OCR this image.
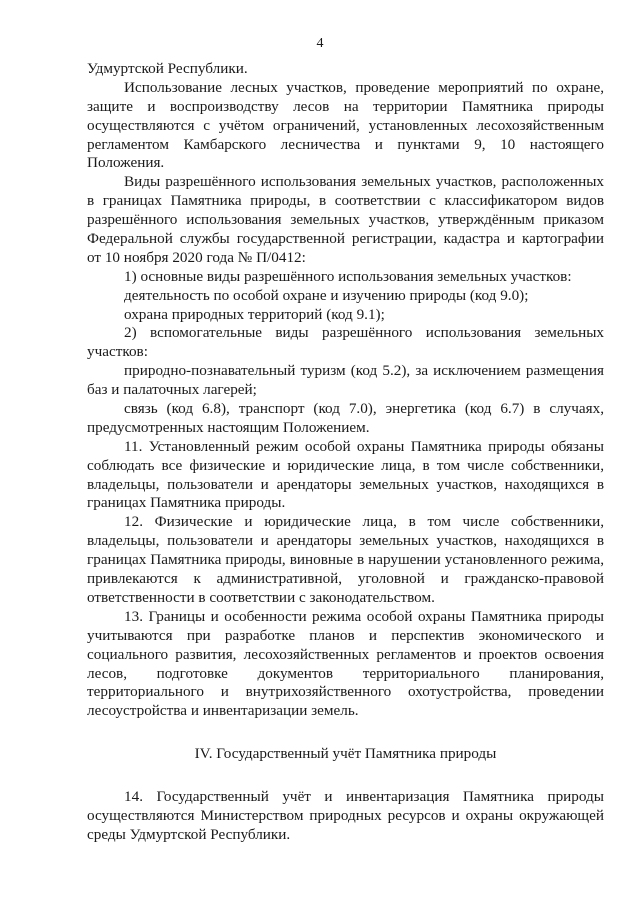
4
Удмуртской Республики.
Использование лесных участков, проведение мероприятий по охране,
защите и воспроизводству лесов на территории Памятника природы
осуществляются с учётом ограничений, установленных лесохозяйственным
регламентом Камбарского лесничества и пунктами 9, 10 настоящего
Положения.
Виды разрешённого использования земельных участков, расположенных
в границах Памятника природы, в соответствии с классификатором видов
разрешённого использования земельных участков, утверждённым приказом
Федеральной службы государственной регистрации, кадастра и картографии
от 10 ноября 2020 года № П/0412:
1) основные виды разрешённого использования земельных участков:
деятельность по особой охране и изучению природы (код 9.0);
охрана природных территорий (код 9.1);
2) вспомогательные виды разрешённого использования земельных
участков:
природно-познавательный туризм (код 5.2), за исключением размещения
баз и палаточных лагерей;
связь (код 6.8), транспорт (код 7.0), энергетика (код 6.7) в случаях,
предусмотренных настоящим Положением.
11. Установленный режим особой охраны Памятника природы обязаны
соблюдать все физические и юридические лица, в том числе собственники,
владельцы, пользователи и арендаторы земельных участков, находящихся в
границах Памятника природы.
12. Физические и юридические лица, в том числе собственники,
владельцы, пользователи и арендаторы земельных участков, находящихся в
границах Памятника природы, виновные в нарушении установленного режима,
привлекаются к административной, уголовной и гражданско-правовой
ответственности в соответствии с законодательством.
13. Границы и особенности режима особой охраны Памятника природы
учитываются при разработке планов и перспектив экономического и
социального развития, лесохозяйственных регламентов и проектов освоения
лесов, подготовке документов территориального планирования,
территориального и внутрихозяйственного охотустройства, проведении
лесоустройства и инвентаризации земель.
IV. Государственный учёт Памятника природы
14. Государственный учёт и инвентаризация Памятника природы
осуществляются Министерством природных ресурсов и охраны окружающей
среды Удмуртской Республики.
